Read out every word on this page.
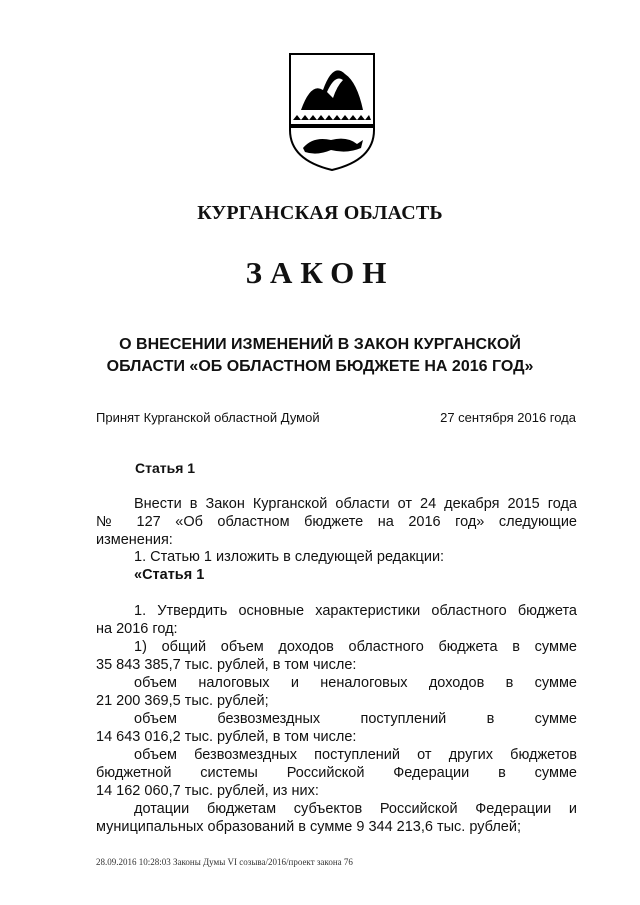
КУРГАНСКАЯ ОБЛАСТЬ
ЗАКОН
О ВНЕСЕНИИ ИЗМЕНЕНИЙ В ЗАКОН КУРГАНСКОЙ
ОБЛАСТИ «ОБ ОБЛАСТНОМ БЮДЖЕТЕ НА 2016 ГОД»
Принят Курганской областной Думой	27 сентября 2016 года
Статья 1
Внести в Закон Курганской области от 24 декабря 2015 года
№ 127 «Об областном бюджете на 2016 год» следующие
изменения:
1. Статью 1 изложить в следующей редакции:
«Статья 1
1. Утвердить основные характеристики областного бюджета
на 2016 год:
1) общий объем доходов областного бюджета в сумме
35 843 385,7 тыс. рублей, в том числе:
объем налоговых и неналоговых доходов в сумме
21 200 369,5 тыс. рублей;
объем безвозмездных поступлений в сумме
14 643 016,2 тыс. рублей, в том числе:
объем безвозмездных поступлений от других бюджетов
бюджетной системы Российской Федерации в сумме
14 162 060,7 тыс. рублей, из них:
дотации бюджетам субъектов Российской Федерации и
муниципальных образований в сумме 9 344 213,6 тыс. рублей;
28.09.2016 10:28:03 Законы Думы VI созыва/2016/проект закона 76
